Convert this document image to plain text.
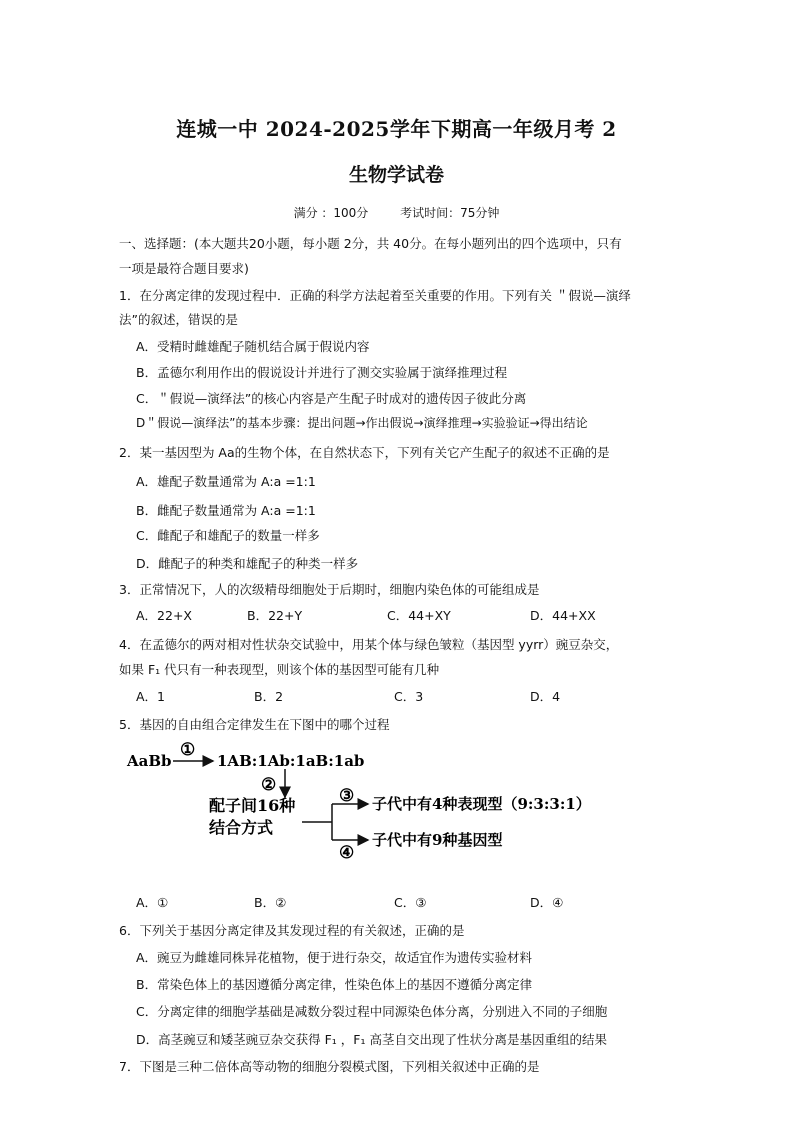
连城一中 2024-2025学年下期高一年级月考 2
生物学试卷
满分 ：100分	考试时间：75分钟
一、选择题：(本大题共20小题，每小题 2分，共 40分。在每小题列出的四个选项中，只有
一项是最符合题目要求)
1．在分离定律的发现过程中．正确的科学方法起着至关重要的作用。下列有关 ＂假说—演绎
法”的叙述，错误的是
A．受精时雌雄配子随机结合属于假说内容
B．孟德尔利用作出的假说设计并进行了测交实验属于演绎推理过程
C．＂假说—演绎法”的核心内容是产生配子时成对的遗传因子彼此分离
D＂假说—演绎法”的基本步骤：提出问题→作出假说→演绎推理→实验验证→得出结论
2．某一基因型为 Aa的生物个体，在自然状态下，下列有关它产生配子的叙述不正确的是
A．雄配子数量通常为 A:a =1:1
B．雌配子数量通常为 A:a =1:1
C．雌配子和雄配子的数量一样多
D．雌配子的种类和雄配子的种类一样多
3．正常情况下，人的次级精母细胞处于后期时，细胞内染色体的可能组成是
A．22+X	B．22+Y	C．44+XY	D．44+XX
4．在孟德尔的两对相对性状杂交试验中，用某个体与绿色皱粒（基因型 yyrr）豌豆杂交，
如果 F₁ 代只有一种表现型，则该个体的基因型可能有几种
A．1	B．2	C．3	D．4
5．基因的自由组合定律发生在下图中的哪个过程
AaBb
①
1AB:1Ab:1aB:1ab
②
配子间16种
结合方式
③ 子代中有4种表现型（9:3:3:1）
④
子代中有9种基因型
A．①	B．②	C．③	D．④
6．下列关于基因分离定律及其发现过程的有关叙述，正确的是
A．豌豆为雌雄同株异花植物，便于进行杂交，故适宜作为遗传实验材料
B．常染色体上的基因遵循分离定律，性染色体上的基因不遵循分离定律
C．分离定律的细胞学基础是减数分裂过程中同源染色体分离，分别进入不同的子细胞
D．高茎豌豆和矮茎豌豆杂交获得 F₁ ，F₁ 高茎自交出现了性状分离是基因重组的结果
7．下图是三种二倍体高等动物的细胞分裂模式图，下列相关叙述中正确的是
